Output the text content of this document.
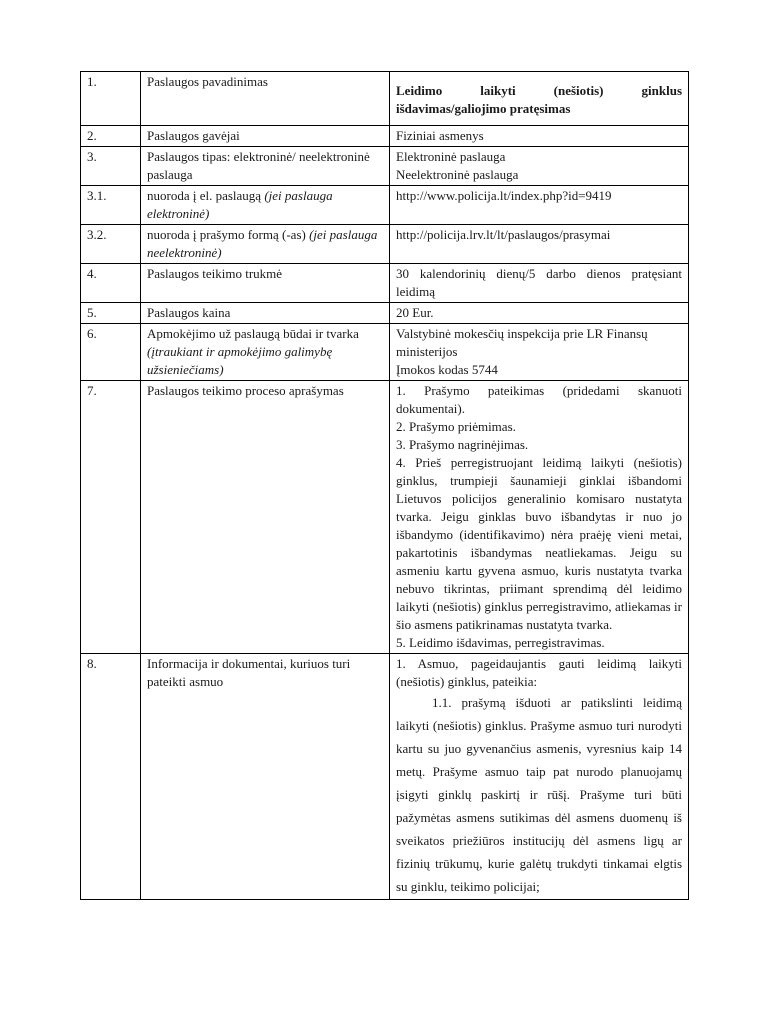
1.	Paslaugos pavadinimas	Leidimo laikyti (nešiotis) ginklus išdavimas/galiojimo pratęsimas

2.	Paslaugos gavėjai	Fiziniai asmenys
3.	Paslaugos tipas: elektroninė/ neelektroninė paslauga	Elektroninė paslauga
Neelektroninė paslauga

3.1.	nuoroda į el. paslaugą (jei paslauga elektroninė)	http://www.policija.lt/index.php?id=9419
3.2.	nuoroda į prašymo formą (-as) (jei paslauga neelektroninė)	http://policija.lrv.lt/lt/paslaugos/prasymai
4.	Paslaugos teikimo trukmė	30 kalendorinių dienų/5 darbo dienos pratęsiant leidimą
5.	Paslaugos kaina	20 Eur.
6.	Apmokėjimo už paslaugą būdai ir tvarka (įtraukiant ir apmokėjimo galimybę užsieniečiams)	Valstybinė mokesčių inspekcija prie LR Finansų ministerijos
Įmokos kodas 5744

7.	Paslaugos teikimo proceso aprašymas	1. Prašymo pateikimas (pridedami skanuoti dokumentai).

2. Prašymo priėmimas.

3. Prašymo nagrinėjimas.

4. Prieš perregistruojant leidimą laikyti (nešiotis) ginklus, trumpieji šaunamieji ginklai išbandomi Lietuvos policijos generalinio komisaro nustatyta tvarka. Jeigu ginklas buvo išbandytas ir nuo jo išbandymo (identifikavimo) nėra praėję vieni metai, pakartotinis išbandymas neatliekamas. Jeigu su asmeniu kartu gyvena asmuo, kuris nustatyta tvarka nebuvo tikrintas, priimant sprendimą dėl leidimo laikyti (nešiotis) ginklus perregistravimo, atliekamas ir šio asmens patikrinamas nustatyta tvarka.

5. Leidimo išdavimas, perregistravimas.

8.	Informacija ir dokumentai, kuriuos turi pateikti asmuo	1. Asmuo, pageidaujantis gauti leidimą laikyti (nešiotis) ginklus, pateikia:

1.1. prašymą išduoti ar patikslinti leidimą laikyti (nešiotis) ginklus. Prašyme asmuo turi nurodyti kartu su juo gyvenančius asmenis, vyresnius kaip 14 metų. Prašyme asmuo taip pat nurodo planuojamų įsigyti ginklų paskirtį ir rūšį. Prašyme turi būti pažymėtas asmens sutikimas dėl asmens duomenų iš sveikatos priežiūros institucijų dėl asmens ligų ar fizinių trūkumų, kurie galėtų trukdyti tinkamai elgtis su ginklu, teikimo policijai;
